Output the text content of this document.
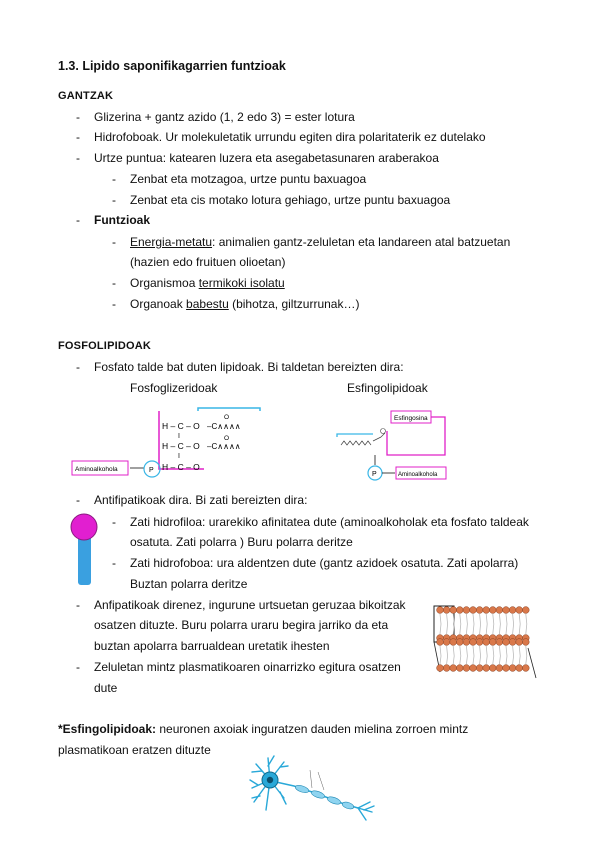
1.3. Lipido saponifikagarrien funtzioak
GANTZAK
- Glizerina + gantz azido (1, 2 edo 3) = ester lotura
- Hidrofoboak. Ur molekuletatik urrundu egiten dira polaritaterik ez dutelako
- Urtze puntua: katearen luzera eta asegabetasunaren araberakoa
- Zenbat eta motzagoa, urtze puntu baxuagoa
- Zenbat eta cis motako lotura gehiago, urtze puntu baxuagoa
- Funtzioak
- Energia-metatu: animalien gantz-zeluletan eta landareen atal batzuetan
(hazien edo fruituen olioetan)
- Organismoa termikoki isolatu
- Organoak babestu (bihotza, giltzurrunak…)
FOSFOLIPIDOAK
- Fosfato talde bat duten lipidoak. Bi taldetan bereizten dira:
Fosfoglizeridoak	Esfingolipidoak
H – C – O
I
H – C – O
I
H – C – O
O
–C∧∧∧∧
O
–C∧∧∧∧
Aminoalkohola	P
Esfingosina
P	Aminoalkohola
- Antifipatikoak dira. Bi zati bereizten dira:
- Zati hidrofiloa: urarekiko afinitatea dute (aminoalkoholak eta fosfato taldeak
osatuta. Zati polarra ) Buru polarra deritze
- Zati hidrofoboa: ura aldentzen dute (gantz azidoek osatuta. Zati apolarra)
Buztan polarra deritze
- Anfipatikoak direnez, ingurune urtsuetan geruzaa bikoitzak
osatzen dituzte. Buru polarra uraru begira jarriko da eta
buztan apolarra barrualdean uretatik ihesten
- Zeluletan mintz plasmatikoaren oinarrizko egitura osatzen
dute
*Esfingolipidoak: neuronen axoiak inguratzen dauden mielina zorroen mintz
plasmatikoan eratzen dituzte
